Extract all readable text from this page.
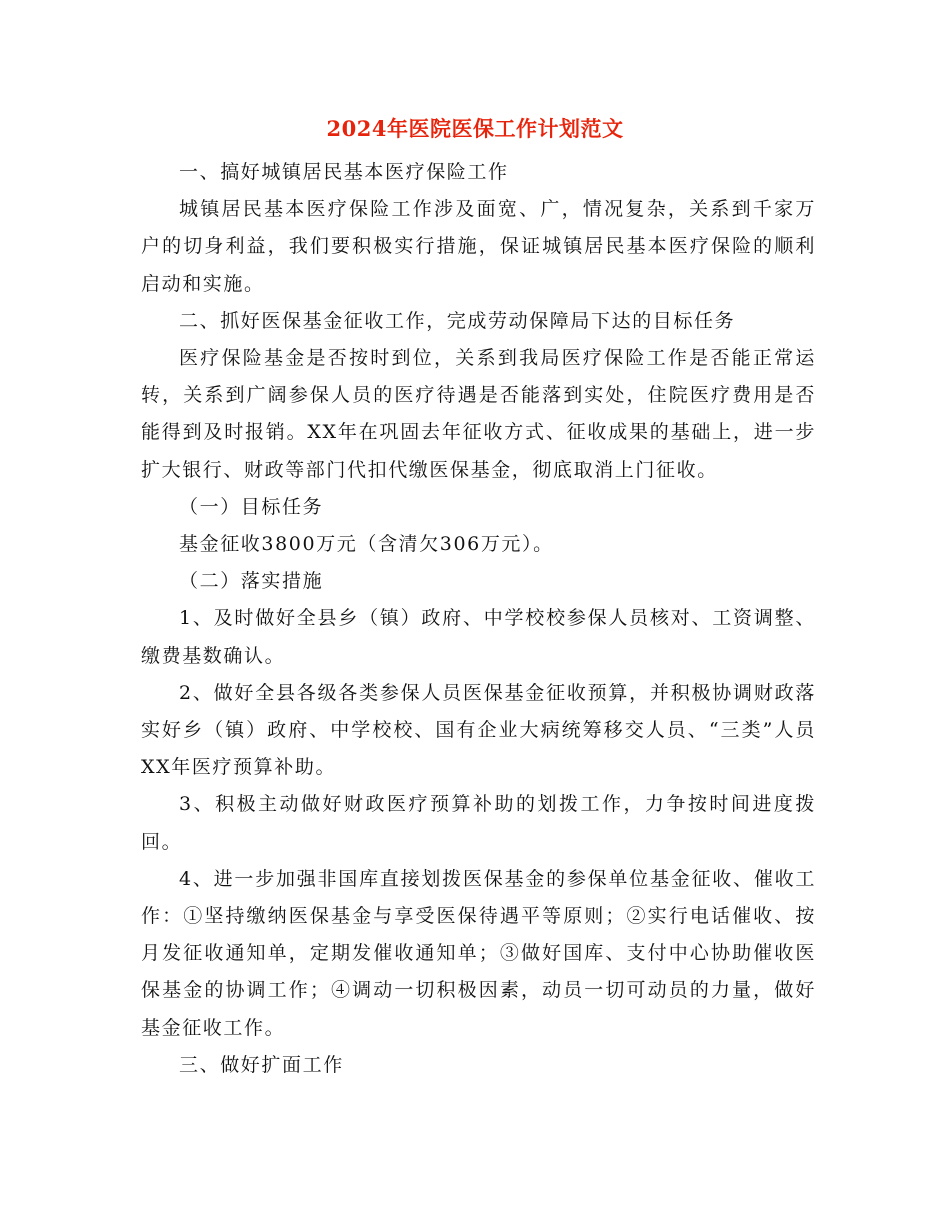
2024年医院医保工作计划范文

一、搞好城镇居民基本医疗保险工作

城镇居民基本医疗保险工作涉及面宽、广，情况复杂，关系到千家万户的切身利益，我们要积极实行措施，保证城镇居民基本医疗保险的顺利启动和实施。

二、抓好医保基金征收工作，完成劳动保障局下达的目标任务

医疗保险基金是否按时到位，关系到我局医疗保险工作是否能正常运转，关系到广阔参保人员的医疗待遇是否能落到实处，住院医疗费用是否能得到及时报销。XX年在巩固去年征收方式、征收成果的基础上，进一步扩大银行、财政等部门代扣代缴医保基金，彻底取消上门征收。

（一）目标任务

基金征收3800万元（含清欠306万元）。

（二）落实措施

1、及时做好全县乡（镇）政府、中学校校参保人员核对、工资调整、缴费基数确认。

2、做好全县各级各类参保人员医保基金征收预算，并积极协调财政落实好乡（镇）政府、中学校校、国有企业大病统筹移交人员、“三类”人员XX年医疗预算补助。

3、积极主动做好财政医疗预算补助的划拨工作，力争按时间进度拨回。

4、进一步加强非国库直接划拨医保基金的参保单位基金征收、催收工作：①坚持缴纳医保基金与享受医保待遇平等原则；②实行电话催收、按月发征收通知单，定期发催收通知单；③做好国库、支付中心协助催收医保基金的协调工作；④调动一切积极因素，动员一切可动员的力量，做好基金征收工作。

三、做好扩面工作
